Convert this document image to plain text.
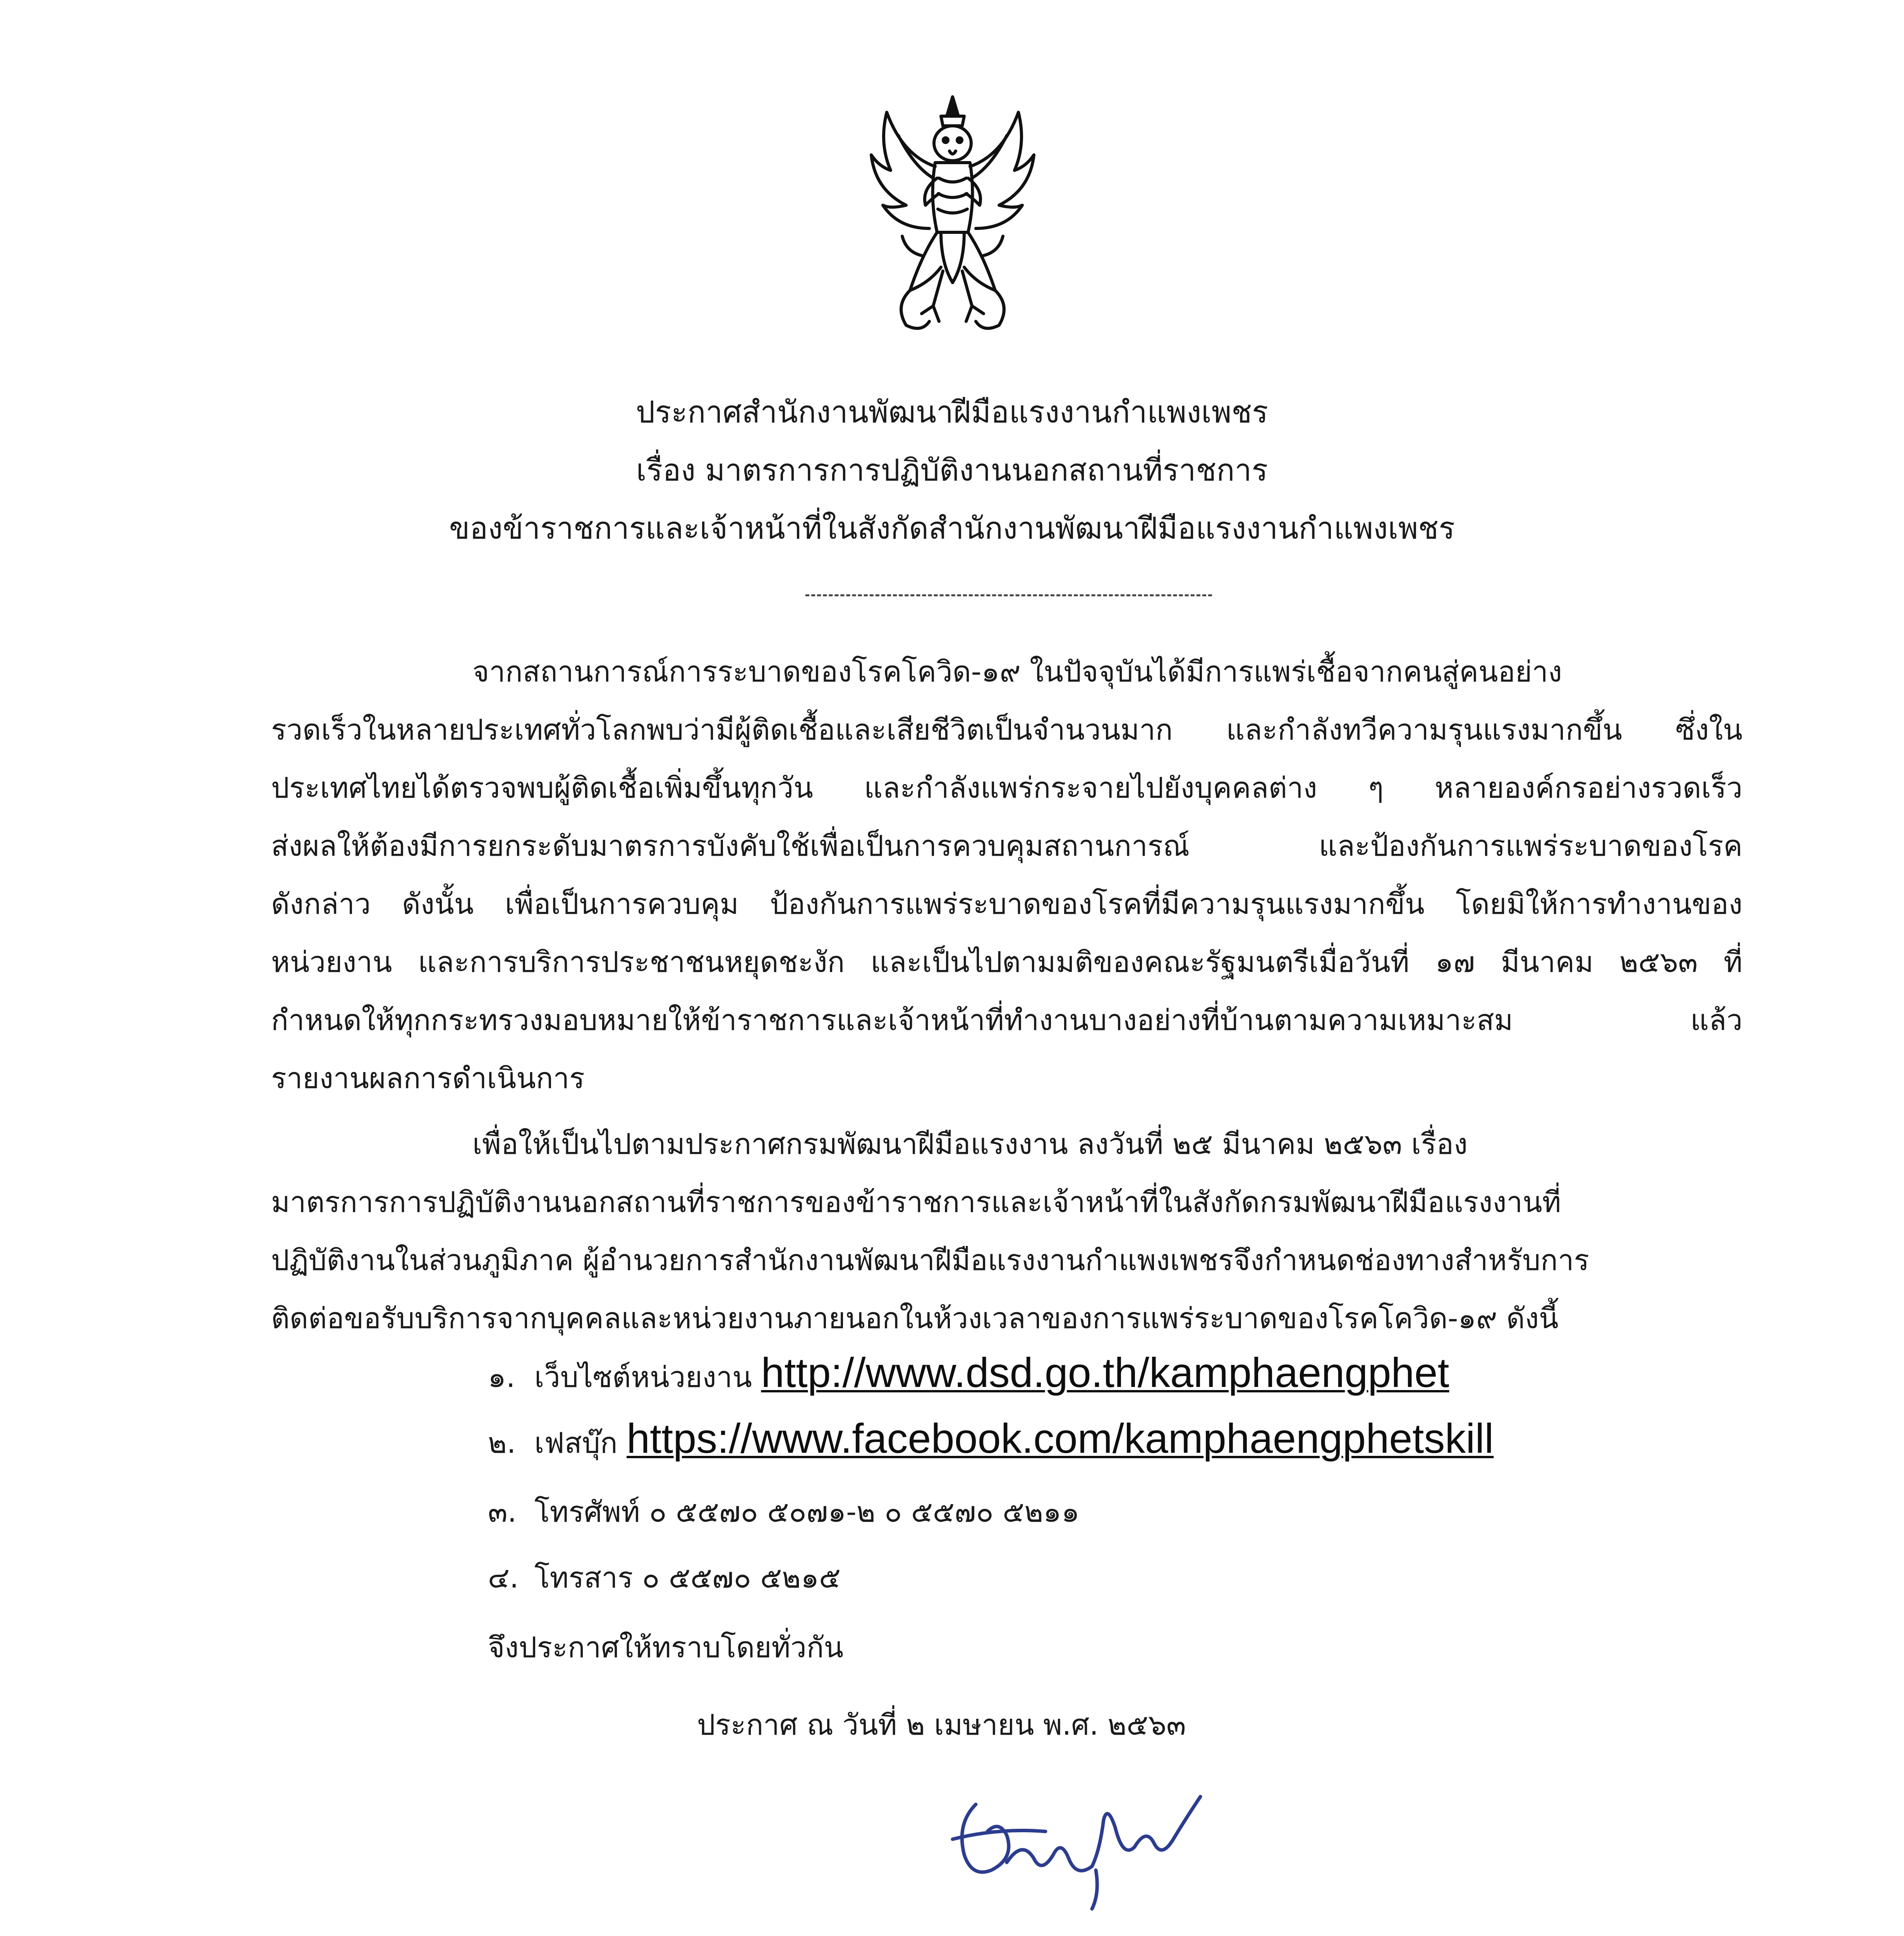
ประกาศสำนักงานพัฒนาฝีมือแรงงานกำแพงเพชร
เรื่อง มาตรการการปฏิบัติงานนอกสถานที่ราชการ
ของข้าราชการและเจ้าหน้าที่ในสังกัดสำนักงานพัฒนาฝีมือแรงงานกำแพงเพชร
จากสถานการณ์การระบาดของโรคโควิด-๑๙ ในปัจจุบันได้มีการแพร่เชื้อจากคนสู่คนอย่าง
รวดเร็วในหลายประเทศทั่วโลกพบว่ามีผู้ติดเชื้อและเสียชีวิตเป็นจำนวนมาก และกำลังทวีความรุนแรงมากขึ้น ซึ่งใน
ประเทศไทยได้ตรวจพบผู้ติดเชื้อเพิ่มขึ้นทุกวัน และกำลังแพร่กระจายไปยังบุคคลต่าง ๆ หลายองค์กรอย่างรวดเร็ว
ส่งผลให้ต้องมีการยกระดับมาตรการบังคับใช้เพื่อเป็นการควบคุมสถานการณ์ และป้องกันการแพร่ระบาดของโรค
ดังกล่าว ดังนั้น เพื่อเป็นการควบคุม ป้องกันการแพร่ระบาดของโรคที่มีความรุนแรงมากขึ้น โดยมิให้การทำงานของ
หน่วยงาน และการบริการประชาชนหยุดชะงัก และเป็นไปตามมติของคณะรัฐมนตรีเมื่อวันที่ ๑๗ มีนาคม ๒๕๖๓ ที่
กำหนดให้ทุกกระทรวงมอบหมายให้ข้าราชการและเจ้าหน้าที่ทำงานบางอย่างที่บ้านตามความเหมาะสม แล้ว
รายงานผลการดำเนินการ
เพื่อให้เป็นไปตามประกาศกรมพัฒนาฝีมือแรงงาน ลงวันที่ ๒๕ มีนาคม ๒๕๖๓ เรื่อง
มาตรการการปฏิบัติงานนอกสถานที่ราชการของข้าราชการและเจ้าหน้าที่ในสังกัดกรมพัฒนาฝีมือแรงงานที่
ปฏิบัติงานในส่วนภูมิภาค ผู้อำนวยการสำนักงานพัฒนาฝีมือแรงงานกำแพงเพชรจึงกำหนดช่องทางสำหรับการ
ติดต่อขอรับบริการจากบุคคลและหน่วยงานภายนอกในห้วงเวลาของการแพร่ระบาดของโรคโควิด-๑๙ ดังนี้
๑. เว็บไซต์หน่วยงาน http://www.dsd.go.th/kamphaengphet
๒. เฟสบุ๊ก https://www.facebook.com/kamphaengphetskill
๓. โทรศัพท์ ๐ ๕๕๗๐ ๕๐๗๑-๒ ๐ ๕๕๗๐ ๕๒๑๑
๔. โทรสาร ๐ ๕๕๗๐ ๕๒๑๕
จึงประกาศให้ทราบโดยทั่วกัน
ประกาศ ณ วันที่ ๒ เมษายน พ.ศ. ๒๕๖๓
